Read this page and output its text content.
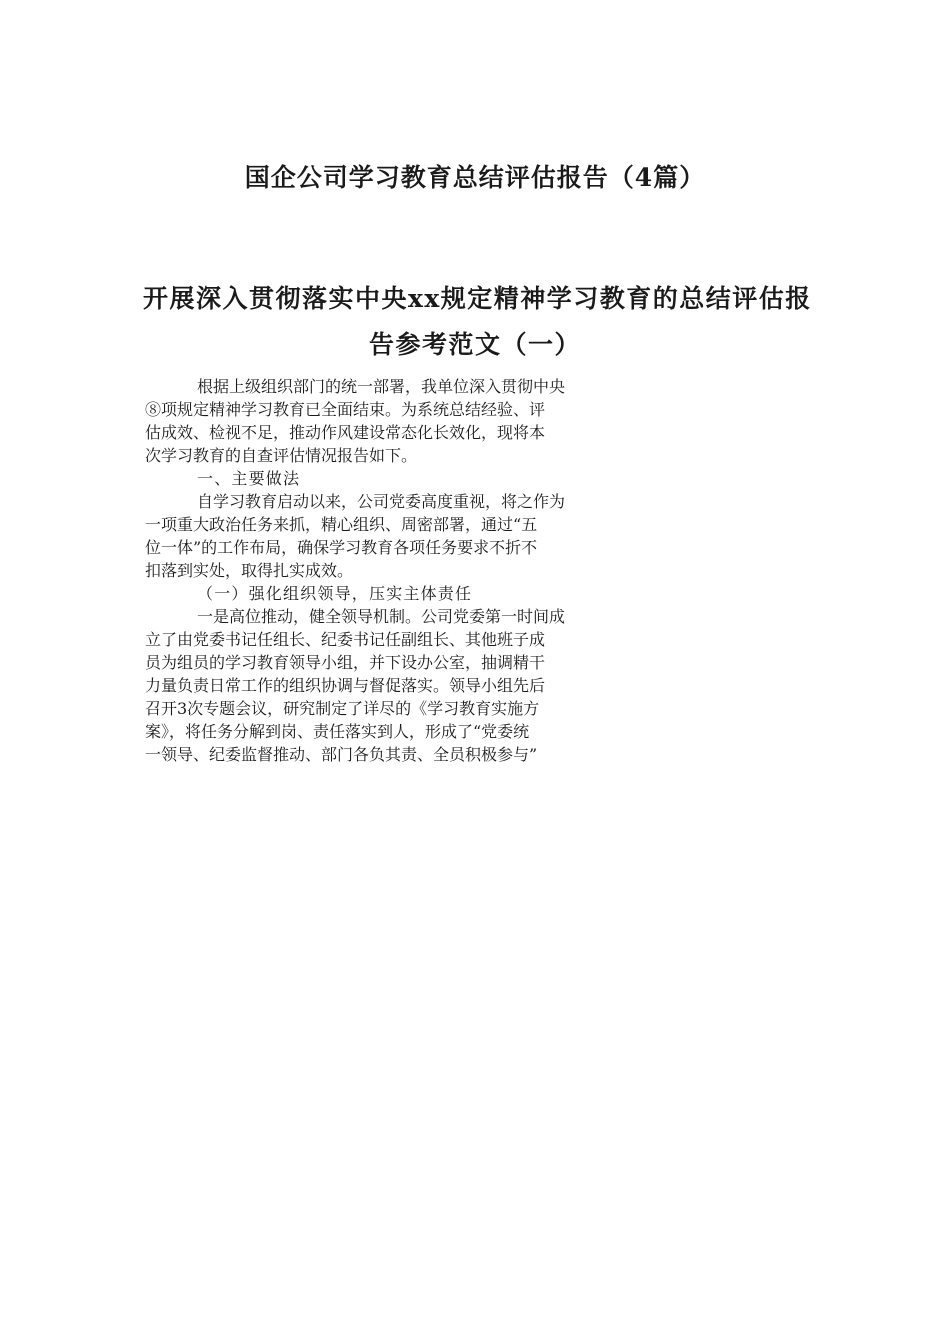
国企公司学习教育总结评估报告（4篇）
开展深入贯彻落实中央xx规定精神学习教育的总结评估报
告参考范文（一）
根据上级组织部门的统一部署，我单位深入贯彻中央
⑧项规定精神学习教育已全面结束。为系统总结经验、评
估成效、检视不足，推动作风建设常态化长效化，现将本
次学习教育的自查评估情况报告如下。
一、主要做法
自学习教育启动以来，公司党委高度重视，将之作为
一项重大政治任务来抓，精心组织、周密部署，通过“五
位一体”的工作布局，确保学习教育各项任务要求不折不
扣落到实处，取得扎实成效。
（一）强化组织领导，压实主体责任
一是高位推动，健全领导机制。公司党委第一时间成
立了由党委书记任组长、纪委书记任副组长、其他班子成
员为组员的学习教育领导小组，并下设办公室，抽调精干
力量负责日常工作的组织协调与督促落实。领导小组先后
召开3次专题会议，研究制定了详尽的《学习教育实施方
案》，将任务分解到岗、责任落实到人，形成了“党委统
一领导、纪委监督推动、部门各负其责、全员积极参与”
